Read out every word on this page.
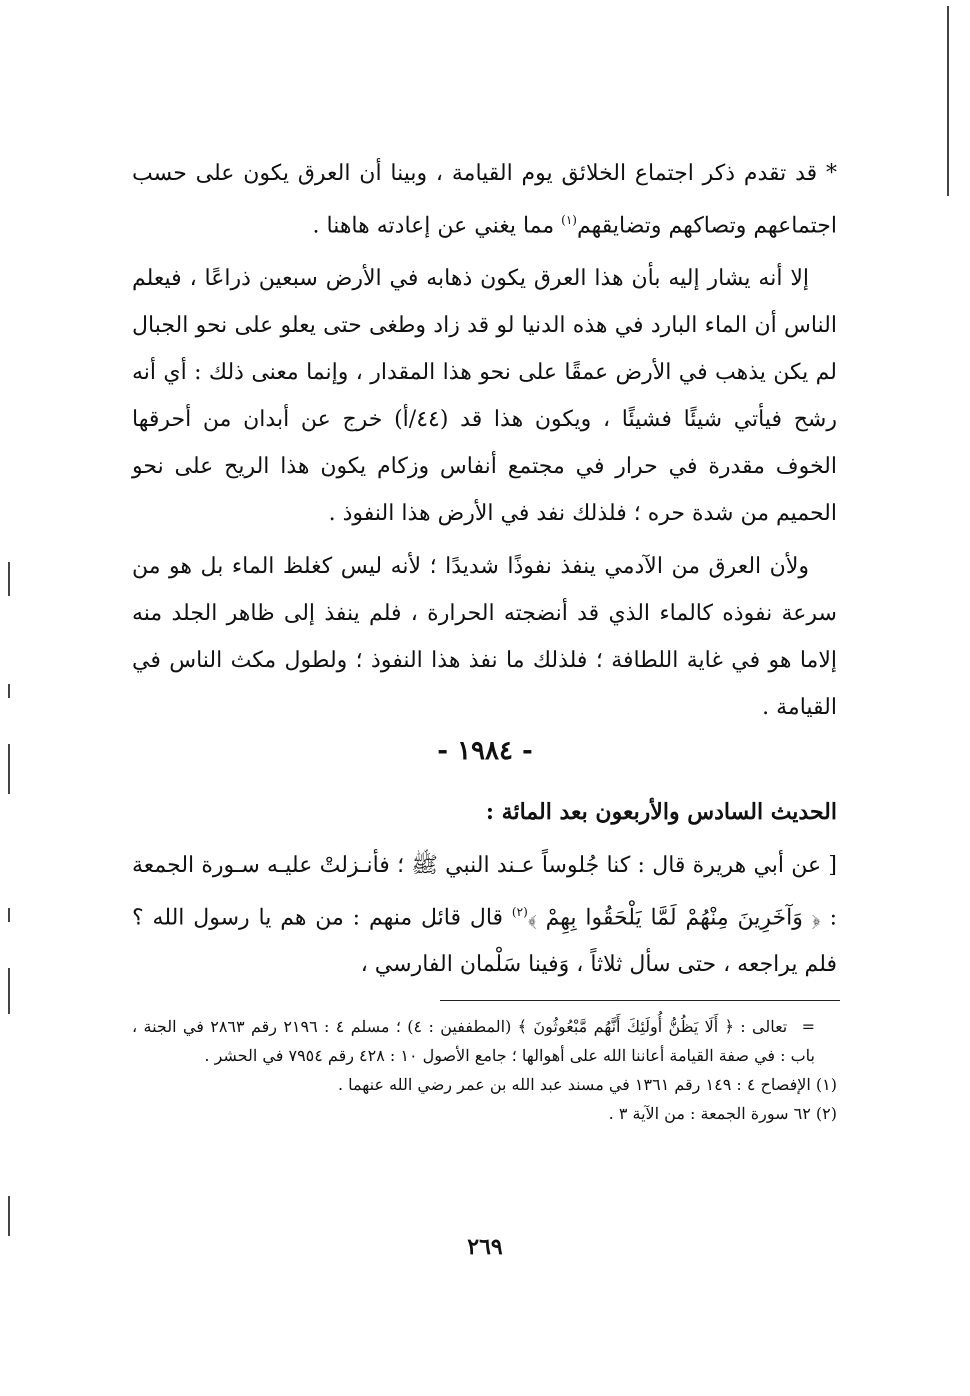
* قد تقدم ذكر اجتماع الخلائق يوم القيامة ، وبينا أن العرق يكون على حسب اجتماعهم وتصاكهم وتضايقهم$^{(١)}$ مما يغني عن إعادته هاهنا .

إلا أنه يشار إليه بأن هذا العرق يكون ذهابه في الأرض سبعين ذراعًا ، فيعلم الناس أن الماء البارد في هذه الدنيا لو قد زاد وطغى حتى يعلو على نحو الجبال لم يكن يذهب في الأرض عمقًا على نحو هذا المقدار ، وإنما معنى ذلك : أي أنه رشح فيأتي شيئًا فشيئًا ، ويكون هذا قد (٤٤/أ) خرج عن أبدان من أحرقها الخوف مقدرة في حرار في مجتمع أنفاس وزكام يكون هذا الريح على نحو الحميم من شدة حره ؛ فلذلك نفد في الأرض هذا النفوذ .

ولأن العرق من الآدمي ينفذ نفوذًا شديدًا ؛ لأنه ليس كغلظ الماء بل هو من سرعة نفوذه كالماء الذي قد أنضجته الحرارة ، فلم ينفذ إلى ظاهر الجلد منه إلاما هو في غاية اللطافة ؛ فلذلك ما نفذ هذا النفوذ ؛ ولطول مكث الناس في القيامة .

- ١٩٨٤ -
الحديث السادس والأربعون بعد المائة :

[ عن أبي هريرة قال : كنا جُلوساً عـند النبي ﷺ ؛ فأنـزلتْ عليـه سـورة الجمعة : ﴿ وَآخَرِينَ مِنْهُمْ لَمَّا يَلْحَقُوا بِهِمْ ﴾$^{(٢)}$ قال قائل منهم : من هم يا رسول الله ؟ فلم يراجعه ، حتى سأل ثلاثاً ، وَفينا سَلْمان الفارسي ،

= تعالى : ﴿ أَلَا يَظُنُّ أُولَئِكَ أَنَّهُم مَّبْعُوثُونَ ﴾ (المطففين : ٤) ؛ مسلم ٤ : ٢١٩٦ رقم ٢٨٦٣ في الجنة ، باب : في صفة القيامة أعاننا الله على أهوالها ؛ جامع الأصول ١٠ : ٤٢٨ رقم ٧٩٥٤ في الحشر .

(١) الإفصاح ٤ : ١٤٩ رقم ١٣٦١ في مسند عبد الله بن عمر رضي الله عنهما .

(٢) ٦٢ سورة الجمعة : من الآية ٣ .

٢٦٩
